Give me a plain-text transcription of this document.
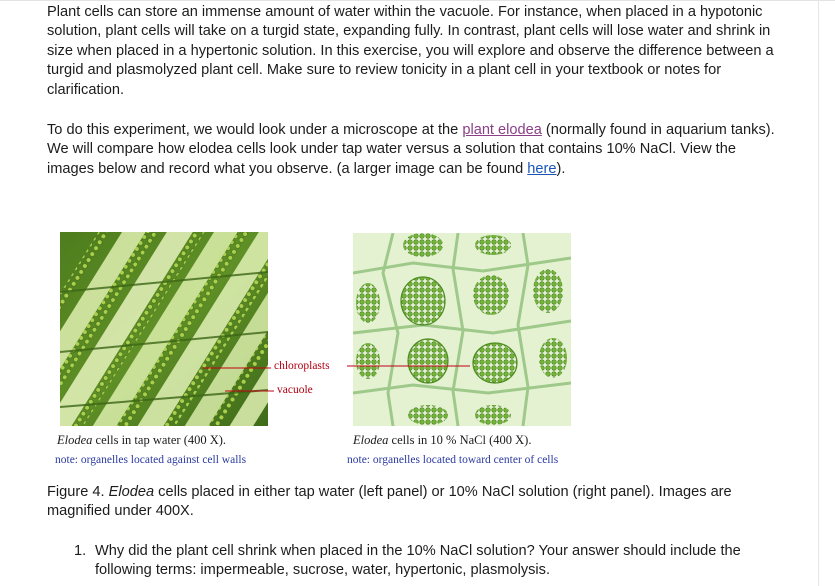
Plant cells can store an immense amount of water within the vacuole. For instance, when placed in a hypotonic solution, plant cells will take on a turgid state, expanding fully. In contrast, plant cells will lose water and shrink in size when placed in a hypertonic solution. In this exercise, you will explore and observe the difference between a turgid and plasmolyzed plant cell. Make sure to review tonicity in a plant cell in your textbook or notes for clarification.

To do this experiment, we would look under a microscope at the plant elodea (normally found in aquarium tanks). We will compare how elodea cells look under tap water versus a solution that contains 10% NaCl. View the images below and record what you observe. (a larger image can be found here).

chloroplasts
vacuole
Elodea cells in tap water (400 X).
note: organelles located against cell walls
Elodea cells in 10 % NaCl (400 X).
note: organelles located toward center of cells
Figure 4. Elodea cells placed in either tap water (left panel) or 10% NaCl solution (right panel). Images are magnified under 400X.
1. Why did the plant cell shrink when placed in the 10% NaCl solution? Your answer should include the following terms: impermeable, sucrose, water, hypertonic, plasmolysis.
